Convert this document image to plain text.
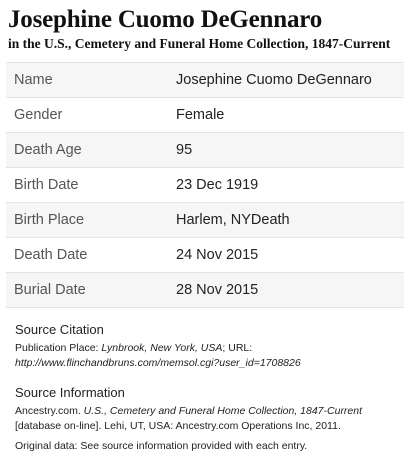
Josephine Cuomo DeGennaro
in the U.S., Cemetery and Funeral Home Collection, 1847-Current
Name	Josephine Cuomo DeGennaro
Gender	Female
Death Age	95
Birth Date	23 Dec 1919
Birth Place	Harlem, NYDeath
Death Date	24 Nov 2015
Burial Date	28 Nov 2015
Source Citation

Publication Place: Lynbrook, New York, USA; URL: http://www.flinchandbruns.com/memsol.cgi?user_id=1708826

Source Information

Ancestry.com. U.S., Cemetery and Funeral Home Collection, 1847-Current [database on-line]. Lehi, UT, USA: Ancestry.com Operations Inc, 2011.

Original data: See source information provided with each entry.
